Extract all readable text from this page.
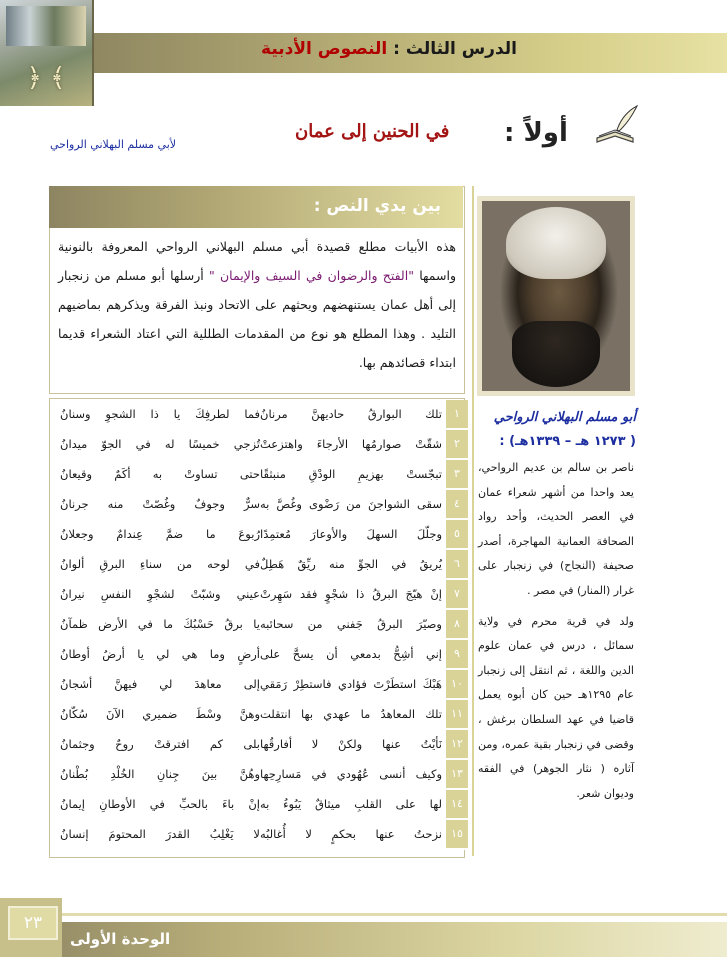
﴿ ﴾
الدرس الثالث : النصوص الأدبية
أولاً :
في الحنين إلى عمان
لأبي مسلم البهلاني الرواحي
بين يدي النص :
هذه الأبيات مطلع قصيدة أبي مسلم البهلاني الرواحي المعروفة بالنونية واسمها "الفتح والرضوان في السيف والإيمان " أرسلها أبو مسلم من زنجبار إلى أهل عمان يستنهضهم ويحثهم على الاتحاد ونبذ الفرقة ويذكرهم بماضيهم التليد . وهذا المطلع هو نوع من المقدمات الطللية التي اعتاد الشعراء قديما ابتداء قصائدهم بها.
١
تلك البوارقُ حاديهنَّ مرنانُ
فما لطرفِكَ يا ذا الشجوِ وسنانُ
٢
شقّتْ صوارمُها الأرجاءَ واهتزعتْ
تُزجي خميسًا له في الجوّ ميدانُ
٣
تبجّستْ بهزيمِ الودْقِ منبثقًا
حتى تساوتْ به أكَمٌ وقيعانُ
٤
سقى الشواجنَ من رَضْوى وغُصَّ به
سرٌّ وجوفٌ وغُصّتْ منه جرنانُ
٥
وجلّلَ السهلَ والأوعارَ مُعتمِدًا
رُبوعَ ما ضمَّ عِندامٌ وجعلانُ
٦
يُريقُ في الجوِّ منه ريِّقٌ هَطِلٌ
في لوحه من سناءِ البرقِ ألوانُ
٧
إنْ هيّجَ البرقُ ذا شجْوٍ فقد سَهِرتْ
عيني وشبّتْ لشجْوِ النفسِ نيرانُ
٨
وصيّرَ البرقُ جَفني من سحائبه
يا برقُ حَسْبُكَ ما في الأرض ظمآنُ
٩
إني أشِحُّ بدمعي أن يسحَّ على
أرضٍ وما هي لي يا أرضُ أوطانُ
١٠
هَبْكَ استطَرْتَ فؤادي فاستطِرْ رَمَقي
إلى معاهدَ لي فيهنَّ أشجانُ
١١
تلك المعاهدُ ما عهدي بها انتقلت
وهنَّ وسْطَ ضميري الآنَ سُكّانُ
١٢
نَأيْتُ عنها ولكنْ لا أفارقُها
بلى كم افترقتْ روحٌ وجثمانُ
١٣
وكيف أنسى عُهُودي في مَسارِحِها
وهُنَّ بينَ جِنانِ الخُلْدِ بُطْنانُ
١٤
لها على القلبِ ميثاقٌ يَبُوءُ به
إنْ باءَ بالحبِّ في الأوطانِ إيمانُ
١٥
نزحتُ عنها بحكمٍ لا أُغالبُه
لا يَغْلِبُ القدرَ المحتومَ إنسانُ
أبو مسلم البهلاني الرواحي
( ١٢٧٣ هـ – ١٣٣٩هـ) :

ناصر بن سالم بن عديم الرواحي، يعد واحدا من أشهر شعراء عمان في العصر الحديث، وأحد رواد الصحافة العمانية المهاجرة، أصدر صحيفة (النجاح) في زنجبار على غرار (المنار) في مصر .

ولد في قرية محرم في ولاية سمائل ، درس في عمان علوم الدين واللغة ، ثم انتقل إلى زنجبار عام ١٢٩٥هـ حين كان أبوه يعمل قاضيا في عهد السلطان برغش ، وقضى في زنجبار بقية عمره، ومن آثاره ( نثار الجوهر) في الفقه وديوان شعر.

٢٣
الوحدة الأولى
